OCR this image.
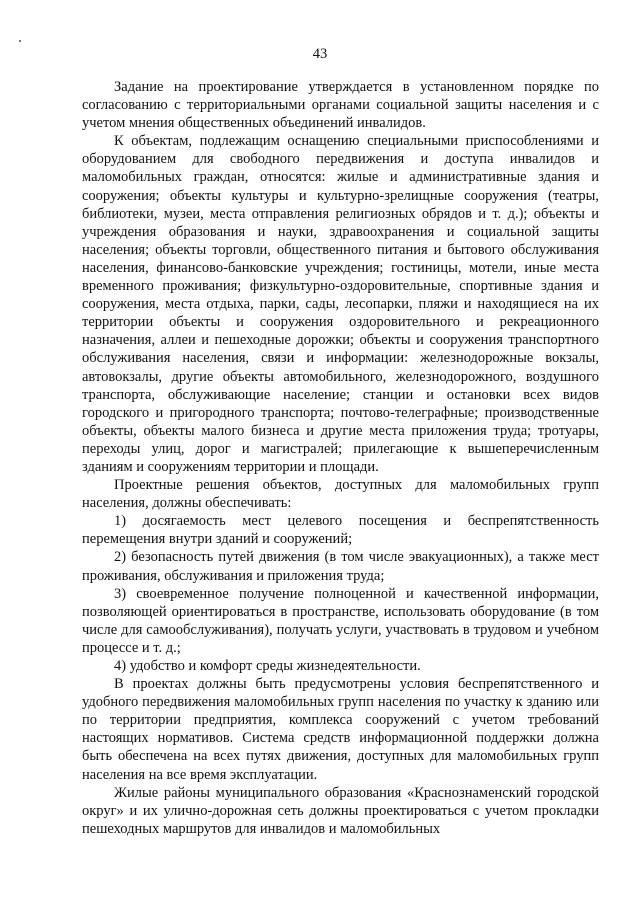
43

Задание на проектирование утверждается в установленном порядке по согласованию с территориальными органами социальной защиты населения и с учетом мнения общественных объединений инвалидов.

К объектам, подлежащим оснащению специальными приспособлениями и оборудованием для свободного передвижения и доступа инвалидов и маломобильных граждан, относятся: жилые и административные здания и сооружения; объекты культуры и культурно-зрелищные сооружения (театры, библиотеки, музеи, места отправления религиозных обрядов и т. д.); объекты и учреждения образования и науки, здравоохранения и социальной защиты населения; объекты торговли, общественного питания и бытового обслуживания населения, финансово-банковские учреждения; гостиницы, мотели, иные места временного проживания; физкультурно-оздоровительные, спортивные здания и сооружения, места отдыха, парки, сады, лесопарки, пляжи и находящиеся на их территории объекты и сооружения оздоровительного и рекреационного назначения, аллеи и пешеходные дорожки; объекты и сооружения транспортного обслуживания населения, связи и информации: железнодорожные вокзалы, автовокзалы, другие объекты автомобильного, железнодорожного, воздушного транспорта, обслуживающие население; станции и остановки всех видов городского и пригородного транспорта; почтово-телеграфные; производственные объекты, объекты малого бизнеса и другие места приложения труда; тротуары, переходы улиц, дорог и магистралей; прилегающие к вышеперечисленным зданиям и сооружениям территории и площади.

Проектные решения объектов, доступных для маломобильных групп населения, должны обеспечивать:

1) досягаемость мест целевого посещения и беспрепятственность перемещения внутри зданий и сооружений;

2) безопасность путей движения (в том числе эвакуационных), а также мест проживания, обслуживания и приложения труда;

3) своевременное получение полноценной и качественной информации, позволяющей ориентироваться в пространстве, использовать оборудование (в том числе для самообслуживания), получать услуги, участвовать в трудовом и учебном процессе и т. д.;

4) удобство и комфорт среды жизнедеятельности.

В проектах должны быть предусмотрены условия беспрепятственного и удобного передвижения маломобильных групп населения по участку к зданию или по территории предприятия, комплекса сооружений с учетом требований настоящих нормативов. Система средств информационной поддержки должна быть обеспечена на всех путях движения, доступных для маломобильных групп населения на все время эксплуатации.

Жилые районы муниципального образования «Краснознаменский городской округ» и их улично-дорожная сеть должны проектироваться с учетом прокладки пешеходных маршрутов для инвалидов и маломобильных
